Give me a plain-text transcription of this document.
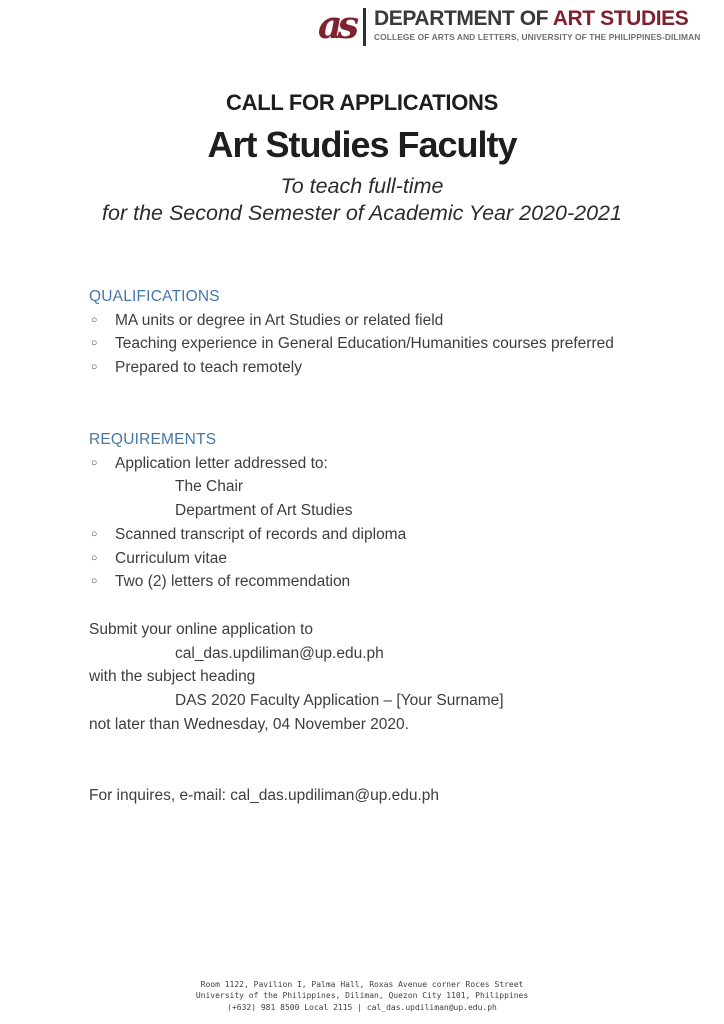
as DEPARTMENT OF ART STUDIES
COLLEGE OF ARTS AND LETTERS, UNIVERSITY OF THE PHILIPPINES-DILIMAN
CALL FOR APPLICATIONS
Art Studies Faculty
To teach full-time
for the Second Semester of Academic Year 2020-2021
QUALIFICATIONS
○	MA units or degree in Art Studies or related field
○	Teaching experience in General Education/Humanities courses preferred
○	Prepared to teach remotely
REQUIREMENTS
○	Application letter addressed to:
The Chair
Department of Art Studies
○	Scanned transcript of records and diploma
○	Curriculum vitae
○	Two (2) letters of recommendation
Submit your online application to
cal_das.updiliman@up.edu.ph
with the subject heading
DAS 2020 Faculty Application – [Your Surname]
not later than Wednesday, 04 November 2020.
For inquires, e-mail: cal_das.updiliman@up.edu.ph
Room 1122, Pavilion I, Palma Hall, Roxas Avenue corner Roces Street
University of the Philippines, Diliman, Quezon City 1101, Philippines
(+632) 981 8500 Local 2115 | cal_das.updiliman@up.edu.ph
